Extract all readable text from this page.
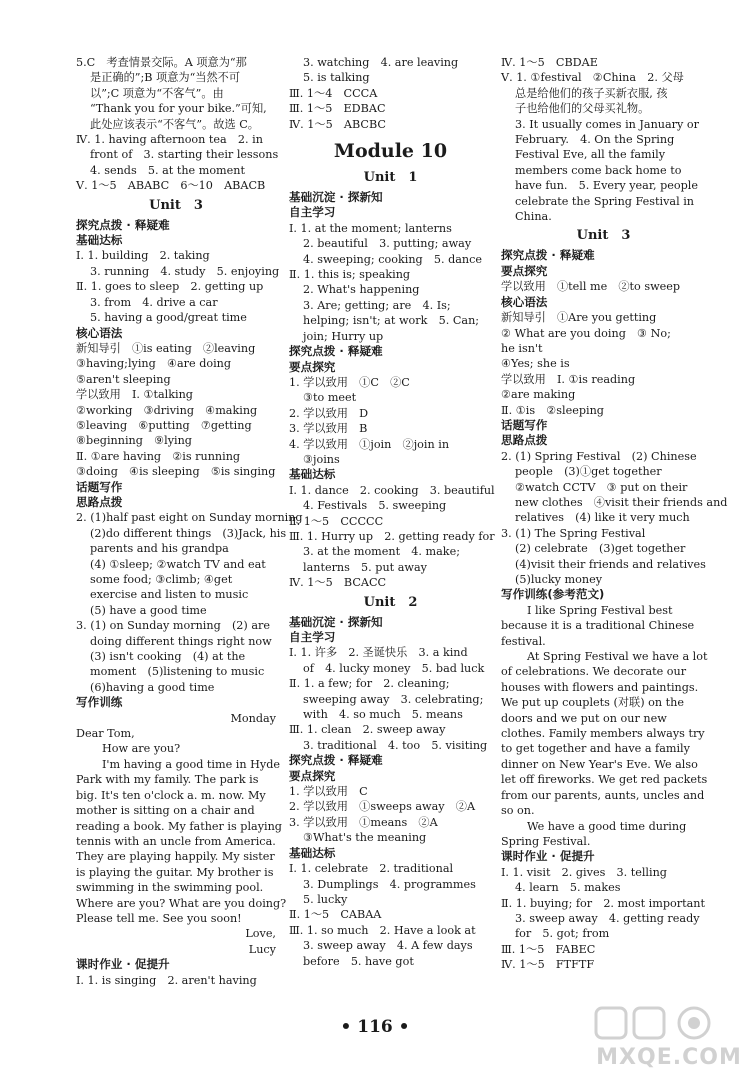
5.C　考查情景交际。A 项意为“那
是正确的”;B 项意为“当然不可
以”;C 项意为“不客气”。由
“Thank you for your bike.”可知,
此处应该表示“不客气”。故选 C。
Ⅳ. 1. having afternoon tea　2. in
front of　3. starting their lessons
4. sends　5. at the moment
Ⅴ. 1～5　ABABC　6～10　ABACB
Unit　3
探究点拨 · 释疑难
基础达标
Ⅰ. 1. building　2. taking
3. running　4. study　5. enjoying
Ⅱ. 1. goes to sleep　2. getting up
3. from　4. drive a car
5. having a good/great time
核心语法
新知导引　①is eating　②leaving
③having;lying　④are doing
⑤aren't sleeping
学以致用　Ⅰ. ①talking
②working　③driving　④making
⑤leaving　⑥putting　⑦getting
⑧beginning　⑨lying
Ⅱ. ①are having　②is running
③doing　④is sleeping　⑤is singing
话题写作
思路点拨
2. (1)half past eight on Sunday morning
(2)do different things　(3)Jack, his
parents and his grandpa
(4) ①sleep; ②watch TV and eat
some food; ③climb; ④get
exercise and listen to music
(5) have a good time
3. (1) on Sunday morning　(2) are
doing different things right now
(3) isn't cooking　(4) at the
moment　(5)listening to music
(6)having a good time
写作训练
Monday
Dear Tom,
How are you?
I'm having a good time in Hyde
Park with my family. The park is
big. It's ten o'clock a. m. now. My
mother is sitting on a chair and
reading a book. My father is playing
tennis with an uncle from America.
They are playing happily. My sister
is playing the guitar. My brother is
swimming in the swimming pool.
Where are you? What are you doing?
Please tell me. See you soon!
Love,
Lucy
课时作业 · 促提升
Ⅰ. 1. is singing　2. aren't having
3. watching　4. are leaving
5. is talking
Ⅲ. 1～4　CCCA
Ⅲ. 1～5　EDBAC
Ⅳ. 1～5　ABCBC
Module 10
Unit　1
基础沉淀 · 探新知
自主学习
Ⅰ. 1. at the moment; lanterns
2. beautiful　3. putting; away
4. sweeping; cooking　5. dance
Ⅱ. 1. this is; speaking
2. What's happening
3. Are; getting; are　4. Is;
helping; isn't; at work　5. Can;
join; Hurry up
探究点拨 · 释疑难
要点探究
1. 学以致用　①C　②C
③to meet
2. 学以致用　D
3. 学以致用　B
4. 学以致用　①join　②join in
③joins
基础达标
Ⅰ. 1. dance　2. cooking　3. beautiful
4. Festivals　5. sweeping
Ⅱ. 1～5　CCCCC
Ⅲ. 1. Hurry up　2. getting ready for
3. at the moment　4. make;
lanterns　5. put away
Ⅳ. 1～5　BCACC
Unit　2
基础沉淀 · 探新知
自主学习
Ⅰ. 1. 许多　2. 圣诞快乐　3. a kind
of　4. lucky money　5. bad luck
Ⅱ. 1. a few; for　2. cleaning;
sweeping away　3. celebrating;
with　4. so much　5. means
Ⅲ. 1. clean　2. sweep away
3. traditional　4. too　5. visiting
探究点拨 · 释疑难
要点探究
1. 学以致用　C
2. 学以致用　①sweeps away　②A
3. 学以致用　①means　②A
③What's the meaning
基础达标
Ⅰ. 1. celebrate　2. traditional
3. Dumplings　4. programmes
5. lucky
Ⅱ. 1～5　CABAA
Ⅲ. 1. so much　2. Have a look at
3. sweep away　4. A few days
before　5. have got
Ⅳ. 1～5　CBDAE
Ⅴ. 1. ①festival　②China　2. 父母
总是给他们的孩子买新衣服, 孩
子也给他们的父母买礼物。
3. It usually comes in January or
February.　4. On the Spring
Festival Eve, all the family
members come back home to
have fun.　5. Every year, people
celebrate the Spring Festival in
China.
Unit　3
探究点拨 · 释疑难
要点探究
学以致用　①tell me　②to sweep
核心语法
新知导引　①Are you getting
② What are you doing　③ No;
he isn't
④Yes; she is
学以致用　Ⅰ. ①is reading
②are making
Ⅱ. ①is　②sleeping
话题写作
思路点拨
2. (1) Spring Festival　(2) Chinese
people　(3)①get together
②watch CCTV　③ put on their
new clothes　④visit their friends and
relatives　(4) like it very much
3. (1) The Spring Festival
(2) celebrate　(3)get together
(4)visit their friends and relatives
(5)lucky money
写作训练(参考范文)
I like Spring Festival best
because it is a traditional Chinese
festival.
At Spring Festival we have a lot
of celebrations. We decorate our
houses with flowers and paintings.
We put up couplets (对联) on the
doors and we put on our new
clothes. Family members always try
to get together and have a family
dinner on New Year's Eve. We also
let off fireworks. We get red packets
from our parents, aunts, uncles and
so on.
We have a good time during
Spring Festival.
课时作业 · 促提升
Ⅰ. 1. visit　2. gives　3. telling
4. learn　5. makes
Ⅱ. 1. buying; for　2. most important
3. sweep away　4. getting ready
for　5. got; from
Ⅲ. 1～5　FABEC
Ⅳ. 1～5　FTFTF
• 116 •
MXQE.COM
